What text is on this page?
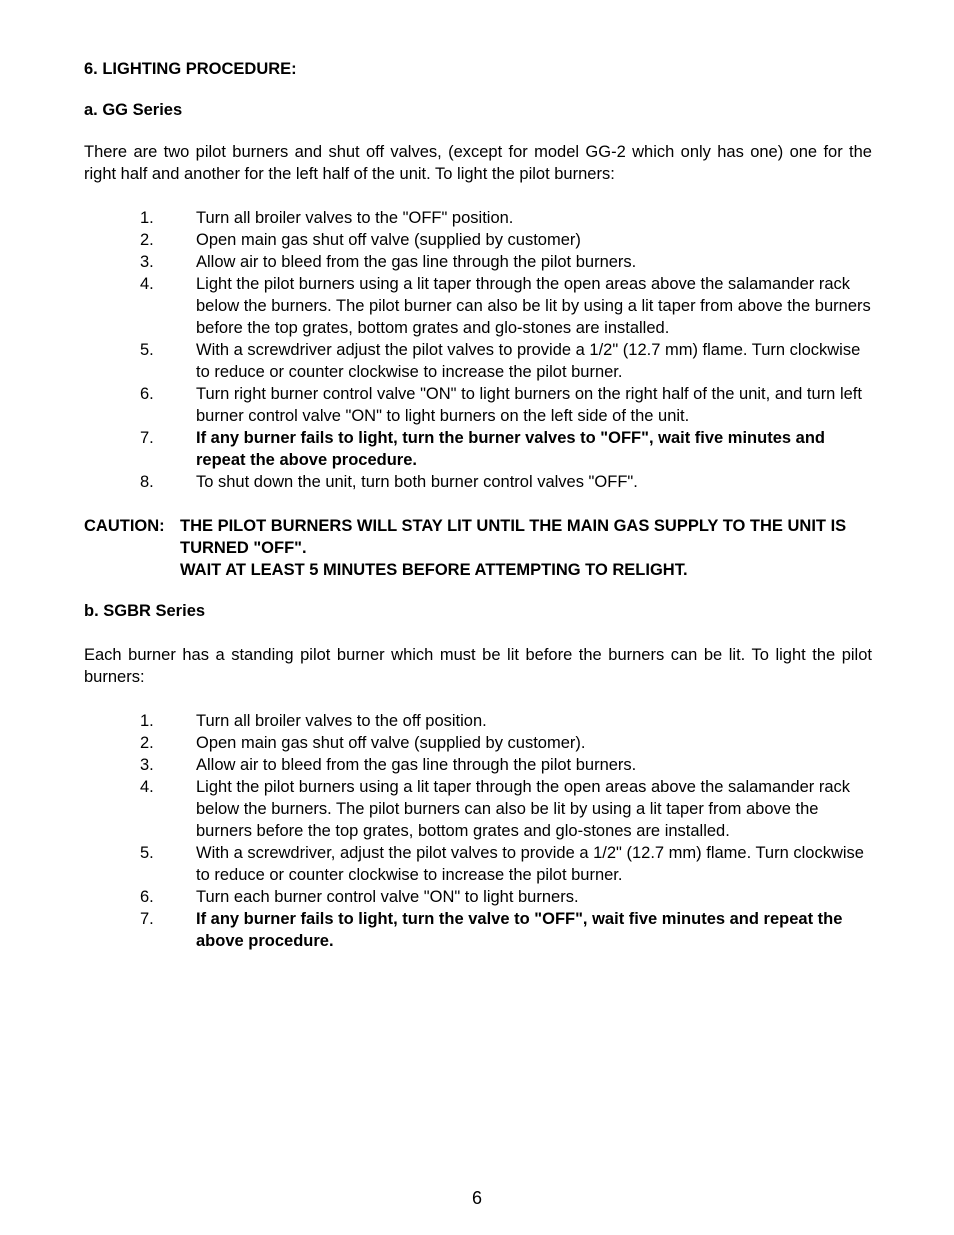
6. LIGHTING PROCEDURE:

a. GG Series

There are two pilot burners and shut off valves, (except for model GG-2 which only has one) one for the right half and another for the left half of the unit. To light the pilot burners:

1.	Turn all broiler valves to the "OFF" position.
2.	Open main gas shut off valve (supplied by customer)
3.	Allow air to bleed from the gas line through the pilot burners.
4.	Light the pilot burners using a lit taper through the open areas above the salamander rack below the burners. The pilot burner can also be lit by using a lit taper from above the burners before the top grates, bottom grates and glo-stones are installed.
5.	With a screwdriver adjust the pilot valves to provide a 1/2" (12.7 mm) flame. Turn clockwise to reduce or counter clockwise to increase the pilot burner.
6.	Turn right burner control valve "ON" to light burners on the right half of the unit, and turn left burner control valve "ON" to light burners on the left side of the unit.
7.	If any burner fails to light, turn the burner valves to "OFF", wait five minutes and repeat the above procedure.
8.	To shut down the unit, turn both burner control valves "OFF".
CAUTION: THE PILOT BURNERS WILL STAY LIT UNTIL THE MAIN GAS SUPPLY TO THE UNIT IS TURNED "OFF".
WAIT AT LEAST 5 MINUTES BEFORE ATTEMPTING TO RELIGHT.

b. SGBR Series

Each burner has a standing pilot burner which must be lit before the burners can be lit. To light the pilot burners:

1.	Turn all broiler valves to the off position.
2.	Open main gas shut off valve (supplied by customer).
3.	Allow air to bleed from the gas line through the pilot burners.
4.	Light the pilot burners using a lit taper through the open areas above the salamander rack below the burners. The pilot burners can also be lit by using a lit taper from above the burners before the top grates, bottom grates and glo-stones are installed.
5.	With a screwdriver, adjust the pilot valves to provide a 1/2" (12.7 mm) flame. Turn clockwise to reduce or counter clockwise to increase the pilot burner.
6.	Turn each burner control valve "ON" to light burners.
7.	If any burner fails to light, turn the valve to "OFF", wait five minutes and repeat the above procedure.
6
